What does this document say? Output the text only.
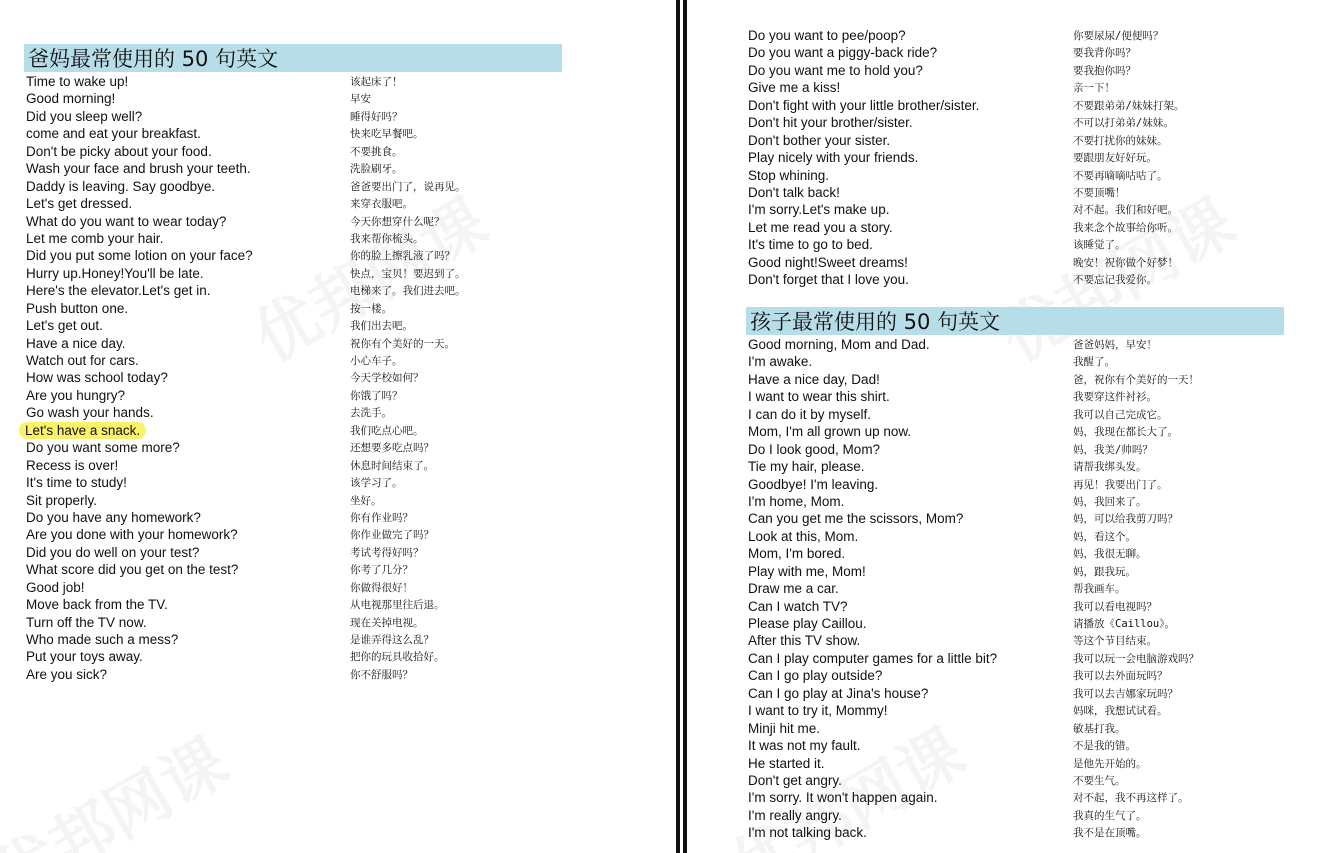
爸妈最常使用的 50 句英文
Time to wake up!	该起床了！
Good morning!	早安
Did you sleep well?	睡得好吗？
come and eat your breakfast.	快来吃早餐吧。
Don't be picky about your food.	不要挑食。
Wash your face and brush your teeth.	洗脸刷牙。
Daddy is leaving. Say goodbye.	爸爸要出门了，说再见。
Let's get dressed.	来穿衣服吧。
What do you want to wear today?	今天你想穿什么呢？
Let me comb your hair.	我来帮你梳头。
Did you put some lotion on your face?	你的脸上擦乳液了吗？
Hurry up.Honey!You'll be late.	快点，宝贝！要迟到了。
Here's the elevator.Let's get in.	电梯来了。我们进去吧。
Push button one.	按一楼。
Let's get out.	我们出去吧。
Have a nice day.	祝你有个美好的一天。
Watch out for cars.	小心车子。
How was school today?	今天学校如何？
Are you hungry?	你饿了吗？
Go wash your hands.	去洗手。
Let's have a snack.	我们吃点心吧。
Do you want some more?	还想要多吃点吗？
Recess is over!	休息时间结束了。
It's time to study!	该学习了。
Sit properly.	坐好。
Do you have any homework?	你有作业吗？
Are you done with your homework?	你作业做完了吗？
Did you do well on your test?	考试考得好吗？
What score did you get on the test?	你考了几分？
Good job!	你做得很好！
Move back from the TV.	从电视那里往后退。
Turn off the TV now.	现在关掉电视。
Who made such a mess?	是谁弄得这么乱？
Put your toys away.	把你的玩具收拾好。
Are you sick?	你不舒服吗？
Do you want to pee/poop?	你要尿尿/便便吗？
Do you want a piggy-back ride?	要我背你吗？
Do you want me to hold you?	要我抱你吗？
Give me a kiss!	亲一下！
Don't fight with your little brother/sister.	不要跟弟弟/妹妹打架。
Don't hit your brother/sister.	不可以打弟弟/妹妹。
Don't bother your sister.	不要打扰你的妹妹。
Play nicely with your friends.	要跟朋友好好玩。
Stop whining.	不要再嘀嘀咕咕了。
Don't talk back!	不要顶嘴！
I'm sorry.Let's make up.	对不起。我们和好吧。
Let me read you a story.	我来念个故事给你听。
It's time to go to bed.	该睡觉了。
Good night!Sweet dreams!	晚安！祝你做个好梦！
Don't forget that I love you.	不要忘记我爱你。
孩子最常使用的 50 句英文
Good morning, Mom and Dad.	爸爸妈妈，早安！
I'm awake.	我醒了。
Have a nice day, Dad!	爸，祝你有个美好的一天！
I want to wear this shirt.	我要穿这件衬衫。
I can do it by myself.	我可以自己完成它。
Mom, I'm all grown up now.	妈，我现在都长大了。
Do I look good, Mom?	妈，我美/帅吗？
Tie my hair, please.	请帮我绑头发。
Goodbye! I'm leaving.	再见！我要出门了。
I'm home, Mom.	妈，我回来了。
Can you get me the scissors, Mom?	妈，可以给我剪刀吗？
Look at this, Mom.	妈，看这个。
Mom, I'm bored.	妈，我很无聊。
Play with me, Mom!	妈，跟我玩。
Draw me a car.	帮我画车。
Can I watch TV?	我可以看电视吗？
Please play Caillou.	请播放《Caillou》。
After this TV show.	等这个节目结束。
Can I play computer games for a little bit?	我可以玩一会电脑游戏吗？
Can I go play outside?	我可以去外面玩吗？
Can I go play at Jina's house?	我可以去吉娜家玩吗？
I want to try it, Mommy!	妈咪，我想试试看。
Minji hit me.	敏基打我。
It was not my fault.	不是我的错。
He started it.	是他先开始的。
Don't get angry.	不要生气。
I'm sorry. It won't happen again.	对不起，我不再这样了。
I'm really angry.	我真的生气了。
I'm not talking back.	我不是在顶嘴。
